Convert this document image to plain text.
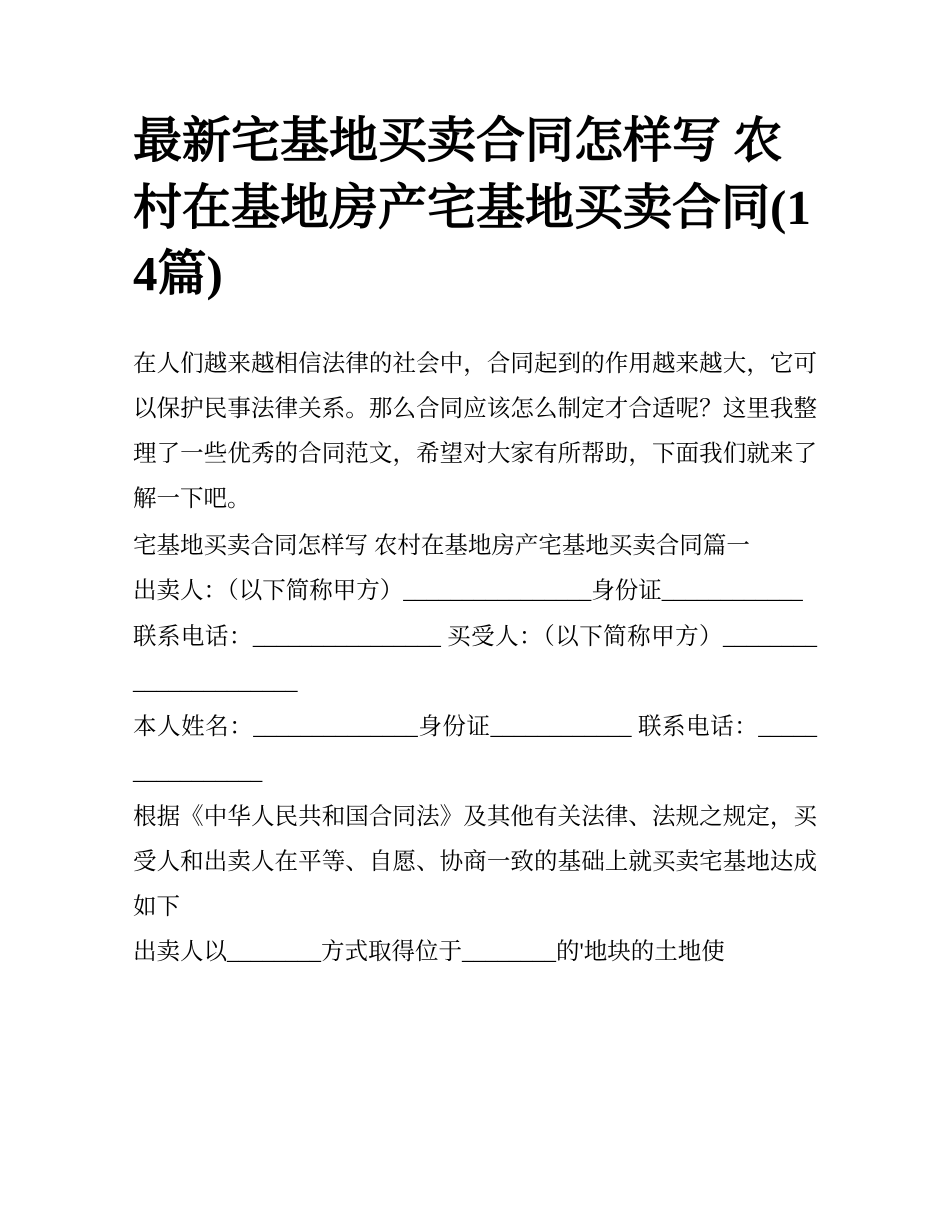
最新宅基地买卖合同怎样写 农村在基地房产宅基地买卖合同(14篇)

在人们越来越相信法律的社会中，合同起到的作用越来越大，它可以保护民事法律关系。那么合同应该怎么制定才合适呢？这里我整理了一些优秀的合同范文，希望对大家有所帮助，下面我们就来了解一下吧。

宅基地买卖合同怎样写 农村在基地房产宅基地买卖合同篇一

出卖人：（以下简称甲方）________________身份证____________

联系电话：________________ 买受人：（以下简称甲方）______________________

本人姓名：______________身份证____________ 联系电话：________________

根据《中华人民共和国合同法》及其他有关法律、法规之规定，买受人和出卖人在平等、自愿、协商一致的基础上就买卖宅基地达成如下

出卖人以________方式取得位于________的'地块的土地使
